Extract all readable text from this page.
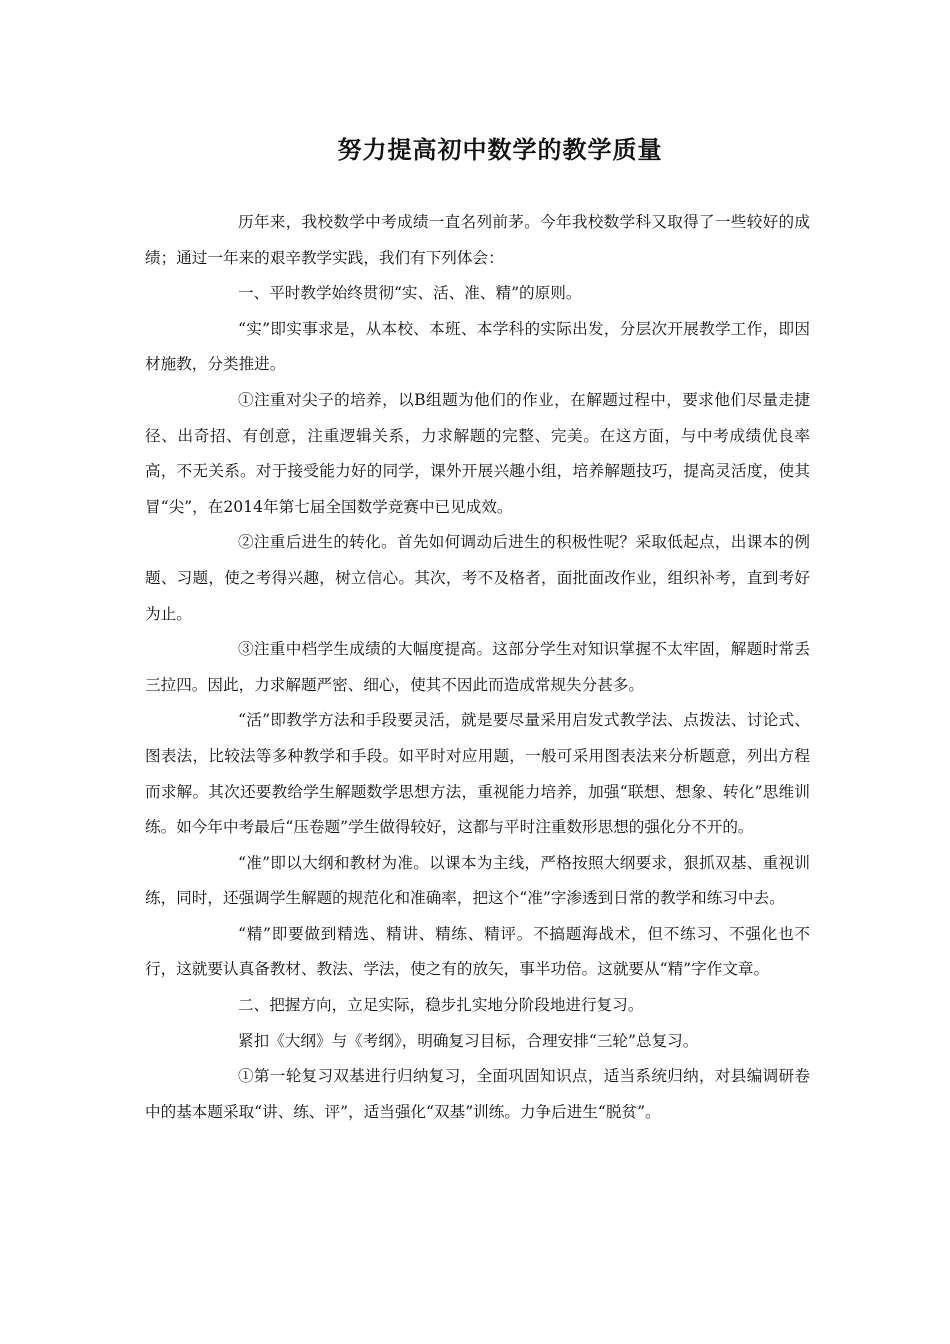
努力提高初中数学的教学质量

历年来，我校数学中考成绩一直名列前茅。今年我校数学科又取得了一些较好的成绩；通过一年来的艰辛教学实践，我们有下列体会：

一、平时教学始终贯彻“实、活、准、精”的原则。

“实”即实事求是，从本校、本班、本学科的实际出发，分层次开展教学工作，即因材施教，分类推进。

①注重对尖子的培养，以B组题为他们的作业，在解题过程中，要求他们尽量走捷径、出奇招、有创意，注重逻辑关系，力求解题的完整、完美。在这方面，与中考成绩优良率高，不无关系。对于接受能力好的同学，课外开展兴趣小组，培养解题技巧，提高灵活度，使其冒“尖”，在2014年第七届全国数学竞赛中已见成效。

②注重后进生的转化。首先如何调动后进生的积极性呢？采取低起点，出课本的例题、习题，使之考得兴趣，树立信心。其次，考不及格者，面批面改作业，组织补考，直到考好为止。

③注重中档学生成绩的大幅度提高。这部分学生对知识掌握不太牢固，解题时常丢三拉四。因此，力求解题严密、细心，使其不因此而造成常规失分甚多。

“活”即教学方法和手段要灵活，就是要尽量采用启发式教学法、点拨法、讨论式、图表法，比较法等多种教学和手段。如平时对应用题，一般可采用图表法来分析题意，列出方程而求解。其次还要教给学生解题数学思想方法，重视能力培养，加强“联想、想象、转化”思维训练。如今年中考最后“压卷题”学生做得较好，这都与平时注重数形思想的强化分不开的。

“准”即以大纲和教材为准。以课本为主线，严格按照大纲要求，狠抓双基、重视训练，同时，还强调学生解题的规范化和准确率，把这个“准”字渗透到日常的教学和练习中去。

“精”即要做到精选、精讲、精练、精评。不搞题海战术，但不练习、不强化也不行，这就要认真备教材、教法、学法，使之有的放矢，事半功倍。这就要从“精”字作文章。

二、把握方向，立足实际，稳步扎实地分阶段地进行复习。

紧扣《大纲》与《考纲》，明确复习目标，合理安排“三轮”总复习。

①第一轮复习双基进行归纳复习，全面巩固知识点，适当系统归纳，对县编调研卷中的基本题采取“讲、练、评”，适当强化“双基”训练。力争后进生“脱贫”。
